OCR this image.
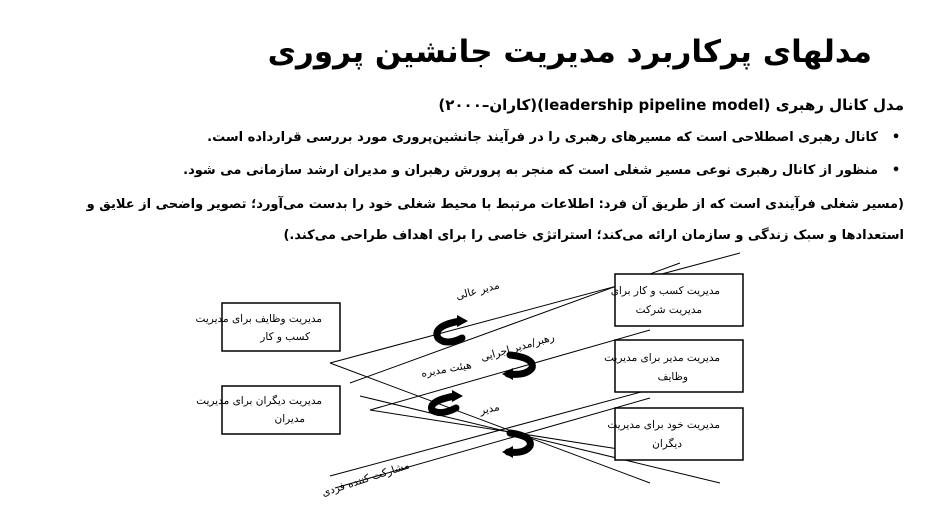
مدلهای پرکاربرد مدیریت جانشین پروری
مدل کانال رهبری (leadership pipeline model)(کاران–۲۰۰۰)
•کانال رهبری اصطلاحی است که مسیرهای رهبری را در فرآیند جانشین‌پروری مورد بررسی قرارداده است.
•منظور از کانال رهبری نوعی مسیر شغلی است که منجر به پرورش رهبران و مدیران ارشد سازمانی می شود.
(مسیر شغلی فرآیندی است که از طریق آن فرد: اطلاعات مرتبط با محیط شغلی خود را بدست می‌آورد؛ تصویر واضحی از علایق و
استعدادها و سبک زندگی و سازمان ارائه می‌کند؛ استراتژی خاصی را برای اهداف طراحی می‌کند.)
مدیریت وظایف برای مدیریت
کسب و کار
مدیریت دیگران برای مدیریت
مدیران
مدیریت کسب و کار برای
مدیریت شرکت
مدیریت مدیر برای مدیریت
وظایف
مدیریت خود برای مدیریت
دیگران
مدیر عالی
رهبر/مدیر اجرایی
هیئت مدیره
مدیر
مشارکت کننده فردی
